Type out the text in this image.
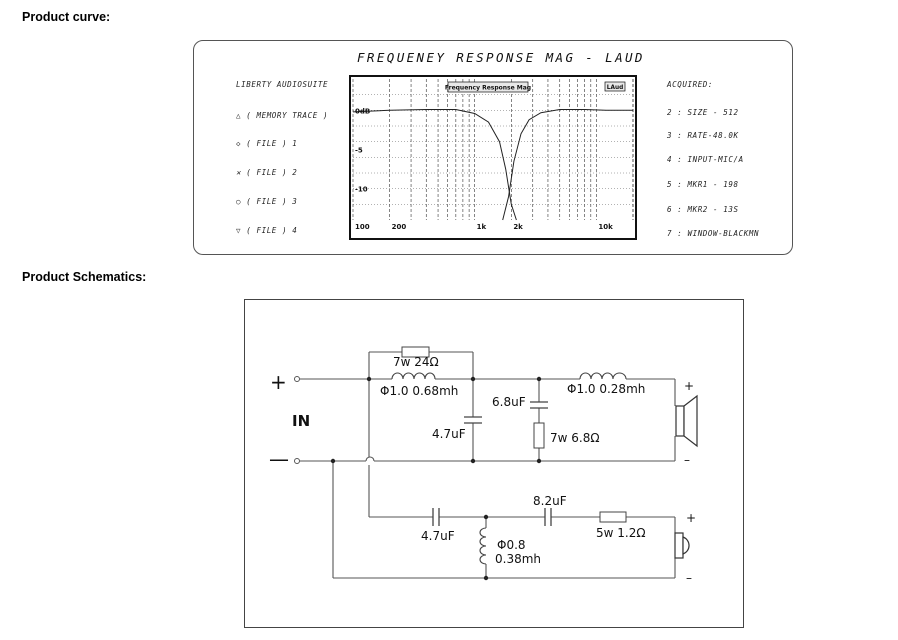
Product curve:
FREQUENEY RESPONSE MAG - LAUD
LIBERTY AUDIOSUITE
△ ( MEMORY TRACE )
◇ ( FILE ) 1
✕ ( FILE ) 2
○ ( FILE ) 3
▽ ( FILE ) 4
ACQUIRED:
2 : SIZE - 512
3 : RATE-48.0K
4 : INPUT-MIC/A
5 : MKR1 - 198
6 : MKR2 - 13S
7 : WINDOW-BLACKMN
Frequency Response Mag	LAud
0dB
-5
-10
100	200	1k	2k	10k
Product Schematics:
+
—
IN
7w 24Ω
Φ1.0 0.68mh
4.7uF
6.8uF
7w 6.8Ω
Φ1.0 0.28mh	+
–
4.7uF
Φ0.8
0.38mh
8.2uF
5w 1.2Ω
+
–
